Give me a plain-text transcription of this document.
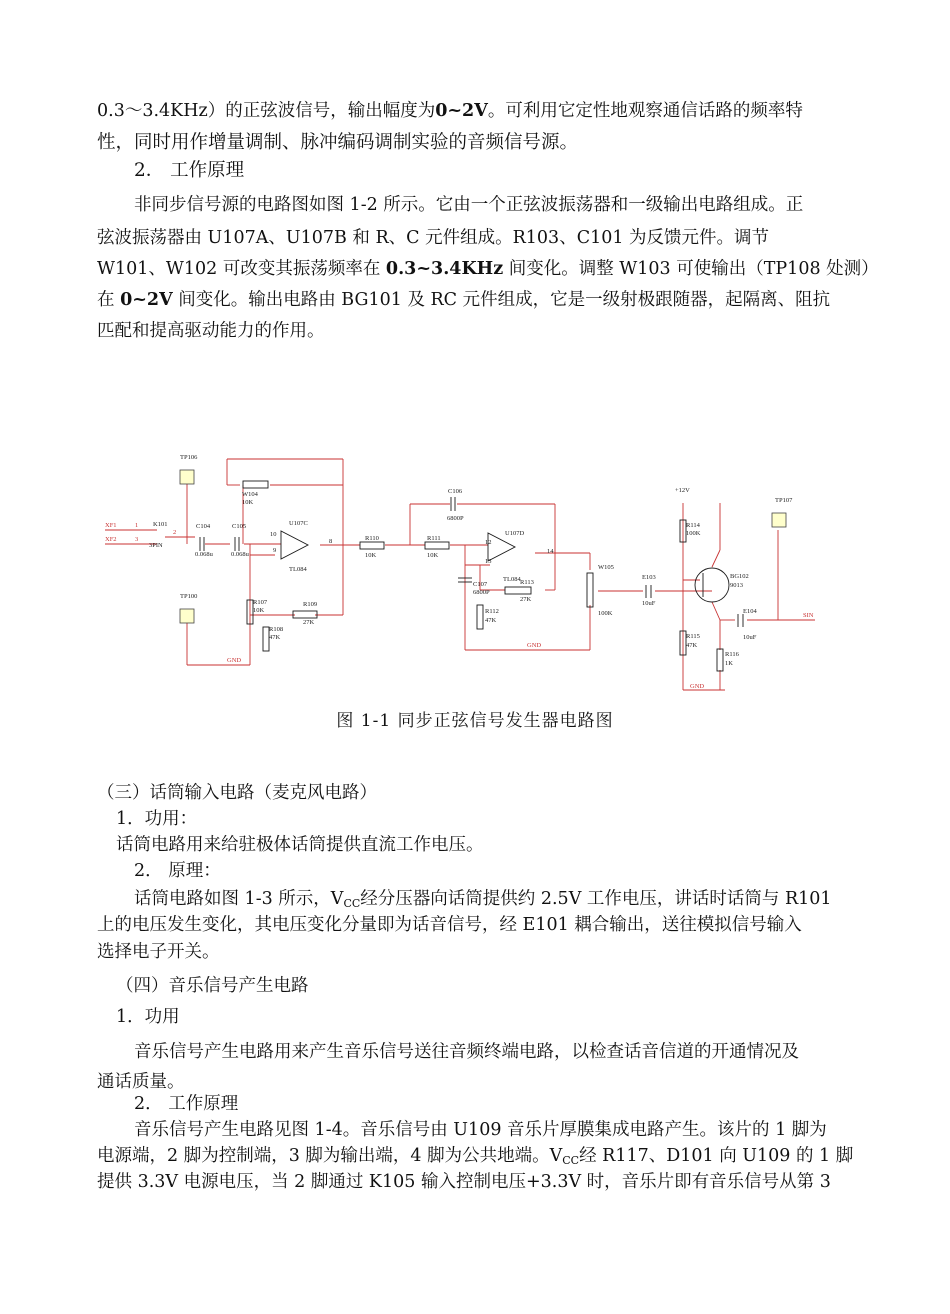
0.3～3.4KHz）的正弦波信号，输出幅度为0~2V。可利用它定性地观察通信话路的频率特
性，同时用作增量调制、脉冲编码调制实验的音频信号源。
2． 工作原理
非同步信号源的电路图如图 1-2 所示。它由一个正弦波振荡器和一级输出电路组成。正
弦波振荡器由 U107A、U107B 和 R、C 元件组成。R103、C101 为反馈元件。调节
W101、W102 可改变其振荡频率在 0.3~3.4KHz 间变化。调整 W103 可使输出（TP108 处测）
在 0~2V 间变化。输出电路由 BG101 及 RC 元件组成，它是一级射极跟随器，起隔离、阻抗
匹配和提高驱动能力的作用。
TP106
TP100
TP107
K101
3PIN
C104
0.068u
C105
0.068u
W104
10K
U107C
TL084
10
9
8
R107
10K
R108
47K
R109
27K
R110
10K
R111
10K
C106
6800P
U107D
TL084
12
13
14
C107
6800P
R113
27K
R112
47K
W105
100K
E103
10uF
+12V
R114
100K
BG102
9013
R115
47K
R116
1K
E104
10uF
XF1
XF2
1
3
2
GND
GND
GND
SIN
图 1-1 同步正弦信号发生器电路图
（三）话筒输入电路（麦克风电路）
1．功用：
话筒电路用来给驻极体话筒提供直流工作电压。
2． 原理：
话筒电路如图 1-3 所示，$V_{CC}$经分压器向话筒提供约 2.5V 工作电压，讲话时话筒与 R101
上的电压发生变化，其电压变化分量即为话音信号，经 E101 耦合输出，送往模拟信号输入
选择电子开关。
（四）音乐信号产生电路
1．功用
音乐信号产生电路用来产生音乐信号送往音频终端电路，以检查话音信道的开通情况及
通话质量。
2． 工作原理
音乐信号产生电路见图 1-4。音乐信号由 U109 音乐片厚膜集成电路产生。该片的 1 脚为
电源端，2 脚为控制端，3 脚为输出端，4 脚为公共地端。$V_{CC}$经 R117、D101 向 U109 的 1 脚
提供 3.3V 电源电压，当 2 脚通过 K105 输入控制电压+3.3V 时，音乐片即有音乐信号从第 3
